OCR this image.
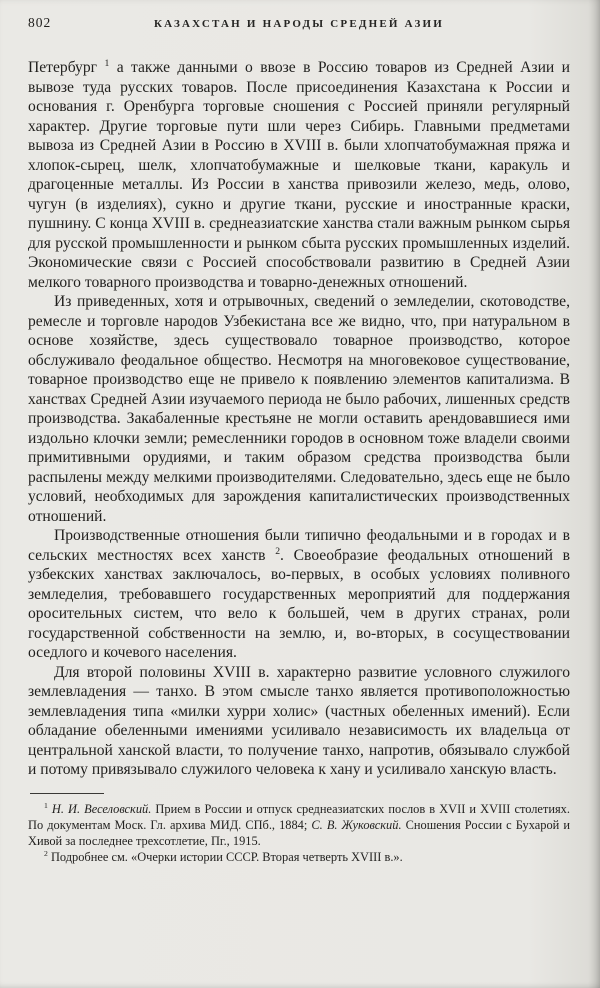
802	КАЗАХСТАН И НАРОДЫ СРЕДНЕЙ АЗИИ

Петербург $^1$ а также данными о ввозе в Россию товаров из Средней Азии и вывозе туда русских товаров. После присоединения Казахстана к России и основания г. Оренбурга торговые сношения с Россией приняли регулярный характер. Другие торговые пути шли через Сибирь. Главными предметами вывоза из Средней Азии в Россию в XVIII в. были хлопчатобумажная пряжа и хлопок-сырец, шелк, хлопчатобумажные и шелковые ткани, каракуль и драгоценные металлы. Из России в ханства привозили железо, медь, олово, чугун (в изделиях), сукно и другие ткани, русские и иностранные краски, пушнину. С конца XVIII в. среднеазиатские ханства стали важным рынком сырья для русской промышленности и рынком сбыта русских промышленных изделий. Экономические связи с Россией способствовали развитию в Средней Азии мелкого товарного производства и товарно-денежных отношений.

Из приведенных, хотя и отрывочных, сведений о земледелии, скотоводстве, ремесле и торговле народов Узбекистана все же видно, что, при натуральном в основе хозяйстве, здесь существовало товарное производство, которое обслуживало феодальное общество. Несмотря на многовековое существование, товарное производство еще не привело к появлению элементов капитализма. В ханствах Средней Азии изучаемого периода не было рабочих, лишенных средств производства. Закабаленные крестьяне не могли оставить арендовавшиеся ими издольно клочки земли; ремесленники городов в основном тоже владели своими примитивными орудиями, и таким образом средства производства были распылены между мелкими производителями. Следовательно, здесь еще не было условий, необходимых для зарождения капиталистических производственных отношений.

Производственные отношения были типично феодальными и в городах и в сельских местностях всех ханств $^2$. Своеобразие феодальных отношений в узбекских ханствах заключалось, во-первых, в особых условиях поливного земледелия, требовавшего государственных мероприятий для поддержания оросительных систем, что вело к большей, чем в других странах, роли государственной собственности на землю, и, во-вторых, в сосуществовании оседлого и кочевого населения.

Для второй половины XVIII в. характерно развитие условного служилого землевладения — танхо. В этом смысле танхо является противоположностью землевладения типа «милки хурри холис» (частных обеленных имений). Если обладание обеленными имениями усиливало независимость их владельца от центральной ханской власти, то получение танхо, напротив, обязывало службой и потому привязывало служилого человека к хану и усиливало ханскую власть.

$^1$ Н. И. Веселовский. Прием в России и отпуск среднеазиатских послов в XVII и XVIII столетиях. По документам Моск. Гл. архива МИД. СПб., 1884; С. В. Жуковский. Сношения России с Бухарой и Хивой за последнее трехсотлетие, Пг., 1915.

$^2$ Подробнее см. «Очерки истории СССР. Вторая четверть XVIII в.».
